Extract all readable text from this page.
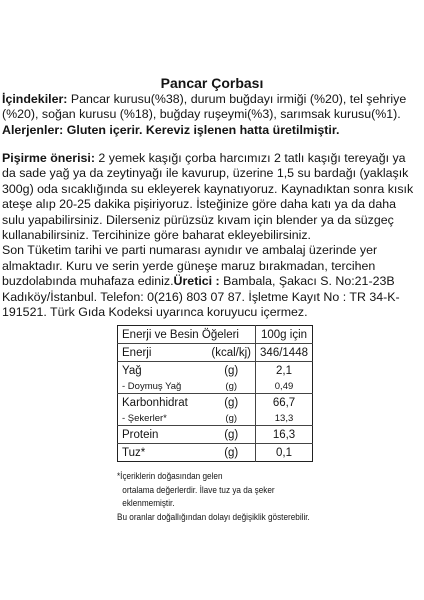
Pancar Çorbası
İçindekiler: Pancar kurusu(%38), durum buğdayı irmiği (%20), tel şehriye (%20), soğan kurusu (%18), buğday ruşeymi(%3), sarımsak kurusu(%1).
Alerjenler: Gluten içerir. Kereviz işlenen hatta üretilmiştir.
Pişirme önerisi: 2 yemek kaşığı çorba harcımızı 2 tatlı kaşığı tereyağı ya da sade yağ ya da zeytinyağı ile kavurup, üzerine 1,5 su bardağı (yaklaşık 300g) oda sıcaklığında su ekleyerek kaynatıyoruz. Kaynadıktan sonra kısık ateşe alıp 20-25 dakika pişiriyoruz. İsteğinize göre daha katı ya da daha sulu yapabilirsiniz. Dilerseniz pürüzsüz kıvam için blender ya da süzgeç kullanabilirsiniz. Tercihinize göre baharat ekleyebilirsiniz.
Son Tüketim tarihi ve parti numarası aynıdır ve ambalaj üzerinde yer almaktadır. Kuru ve serin yerde güneşe maruz bırakmadan, tercihen buzdolabında muhafaza ediniz.Üretici : Bambala, Şakacı S. No:21-23B Kadıköy/İstanbul. Telefon: 0(216) 803 07 87. İşletme Kayıt No : TR 34-K-191521. Türk Gıda Kodeksi uyarınca koruyucu içermez.
Enerji ve Besin Öğeleri		100g için
Enerji	(kcal/kj)	346/1448
Yağ	(g)	2,1
- Doymuş Yağ	(g)	0,49
Karbonhidrat	(g)	66,7
- Şekerler*	(g)	13,3
Protein	(g)	16,3
Tuz*	(g)	0,1
*İçeriklerin doğasından gelen
ortalama değerlerdir. İlave tuz ya da şeker
eklenmemiştir.
Bu oranlar doğallığından dolayı değişiklik gösterebilir.
